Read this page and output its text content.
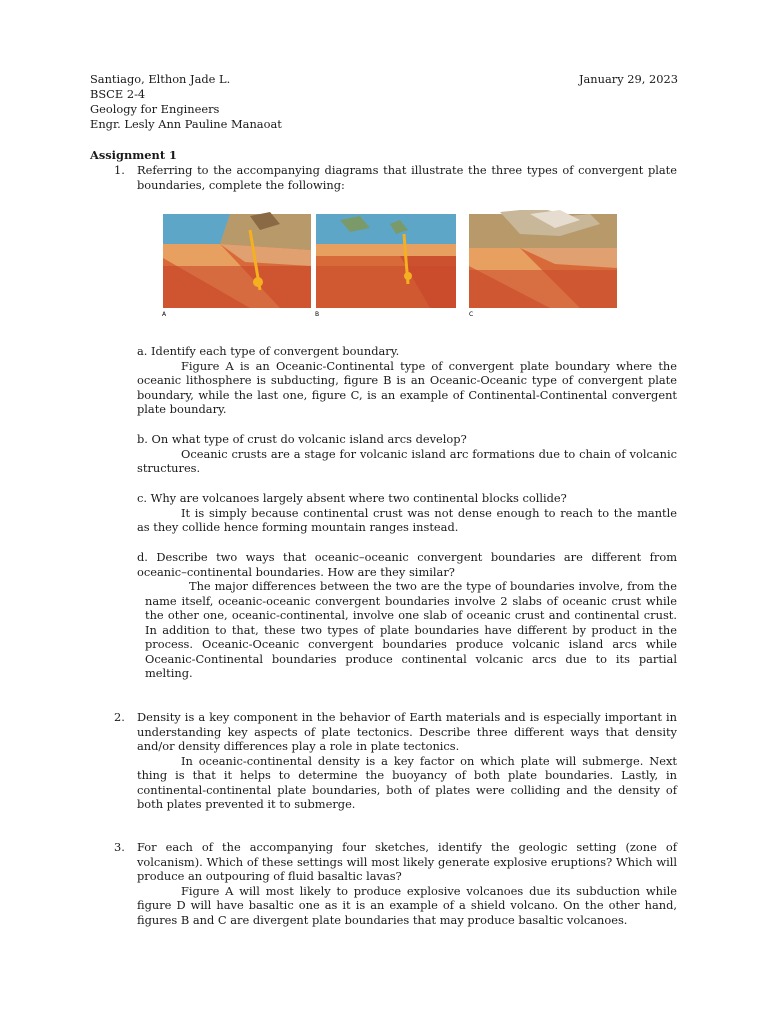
Santiago, Elthon Jade L.	January 29, 2023
BSCE 2-4
Geology for Engineers
Engr. Lesly Ann Pauline Manaoat
Assignment 1
1. Referring to the accompanying diagrams that illustrate the three types of convergent plate boundaries, complete the following:
A	B	C

a. Identify each type of convergent boundary.

Figure A is an Oceanic-Continental type of convergent plate boundary where the oceanic lithosphere is subducting, figure B is an Oceanic-Oceanic type of convergent plate boundary, while the last one, figure C, is an example of Continental-Continental convergent plate boundary.

b. On what type of crust do volcanic island arcs develop?

Oceanic crusts are a stage for volcanic island arc formations due to chain of volcanic structures.

c. Why are volcanoes largely absent where two continental blocks collide?

It is simply because continental crust was not dense enough to reach to the mantle as they collide hence forming mountain ranges instead.

d. Describe two ways that oceanic–oceanic convergent boundaries are different from oceanic–continental boundaries. How are they similar?

The major differences between the two are the type of boundaries involve, from the name itself, oceanic-oceanic convergent boundaries involve 2 slabs of oceanic crust while the other one, oceanic-continental, involve one slab of oceanic crust and continental crust. In addition to that, these two types of plate boundaries have different by product in the process. Oceanic-Oceanic convergent boundaries produce volcanic island arcs while Oceanic-Continental boundaries produce continental volcanic arcs due to its partial melting.

2. Density is a key component in the behavior of Earth materials and is especially important in understanding key aspects of plate tectonics. Describe three different ways that density and/or density differences play a role in plate tectonics.

In oceanic-continental density is a key factor on which plate will submerge. Next thing is that it helps to determine the buoyancy of both plate boundaries. Lastly, in continental-continental plate boundaries, both of plates were colliding and the density of both plates prevented it to submerge.

3. For each of the accompanying four sketches, identify the geologic setting (zone of volcanism). Which of these settings will most likely generate explosive eruptions? Which will produce an outpouring of fluid basaltic lavas?

Figure A will most likely to produce explosive volcanoes due its subduction while figure D will have basaltic one as it is an example of a shield volcano. On the other hand, figures B and C are divergent plate boundaries that may produce basaltic volcanoes.
